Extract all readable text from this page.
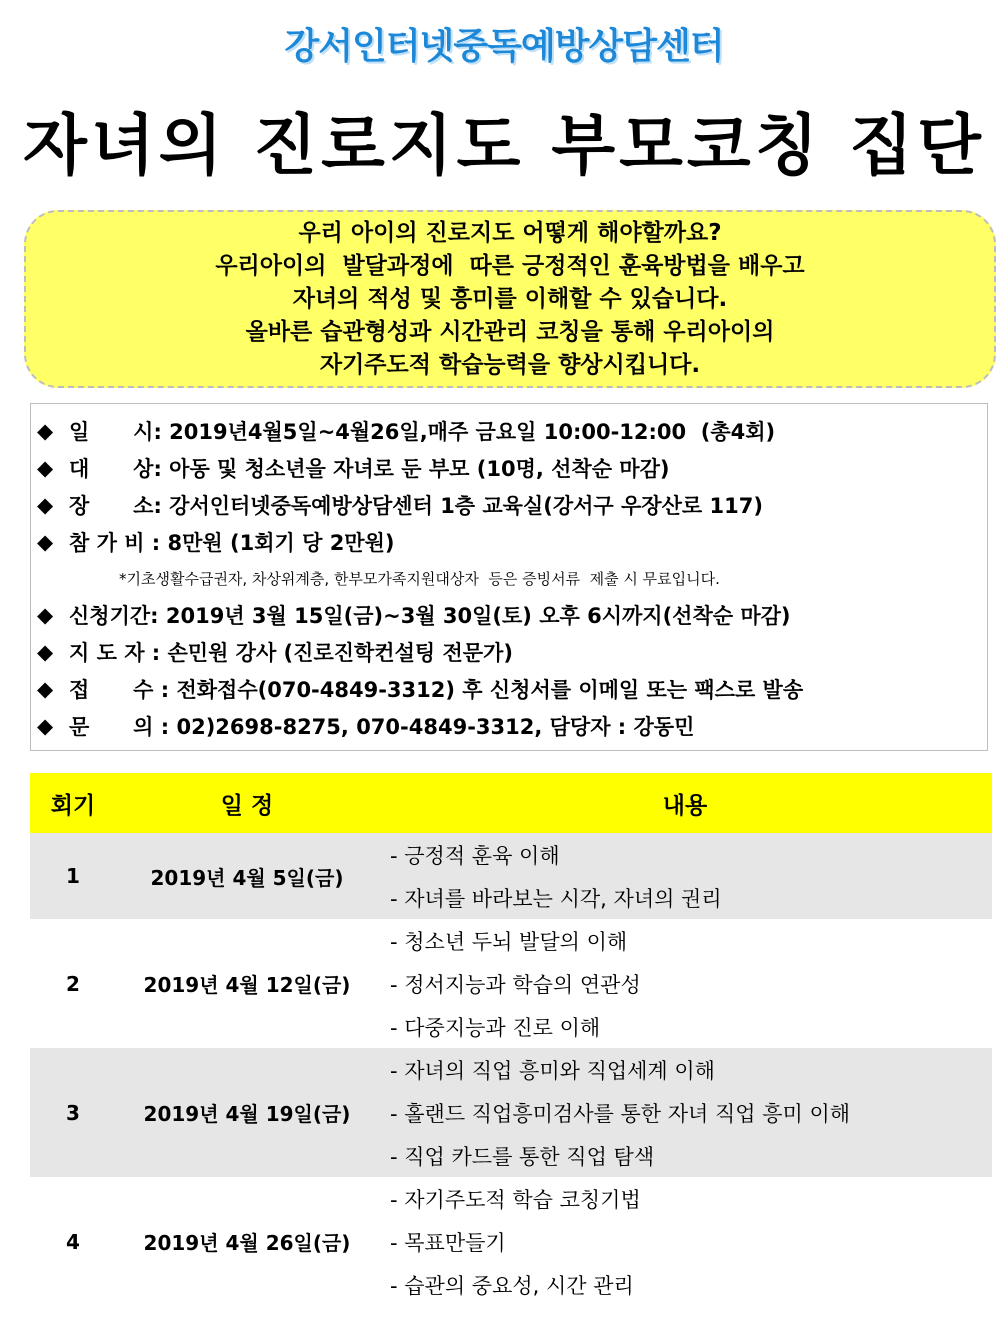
강서인터넷중독예방상담센터
자녀의 진로지도 부모코칭 집단
우리 아이의 진로지도 어떻게 해야할까요?
우리아이의  발달과정에  따른 긍정적인 훈육방법을 배우고
자녀의 적성 및 흥미를 이해할 수 있습니다.
올바른 습관형성과 시간관리 코칭을 통해 우리아이의
자기주도적 학습능력을 향상시킵니다.
◆ 일      시 : 2019년4월5일~4월26일,매주 금요일 10:00-12:00  (총4회)
◆ 대      상 : 아동 및 청소년을 자녀로 둔 부모 (10명, 선착순 마감)
◆ 장      소 : 강서인터넷중독예방상담센터 1층 교육실(강서구 우장산로 117)
◆ 참 가 비 : 8만원 (1회기 당 2만원)
*기초생활수급권자, 차상위계층, 한부모가족지원대상자  등은 증빙서류  제출 시 무료입니다.
◆ 신청기간 : 2019년 3월 15일(금)~3월 30일(토) 오후 6시까지(선착순 마감)
◆ 지 도 자 : 손민원 강사 (진로진학컨설팅 전문가)
◆ 접      수 : 전화접수(070-4849-3312) 후 신청서를 이메일 또는 팩스로 발송
◆ 문      의 : 02)2698-8275, 070-4849-3312, 담당자 : 강동민
회기	일 정	내용
1	2019년 4월 5일(금)	- 긍정적 훈육 이해
- 자녀를 바라보는 시각, 자녀의 권리

2	2019년 4월 12일(금)	- 청소년 두뇌 발달의 이해
- 정서지능과 학습의 연관성
- 다중지능과 진로 이해

3	2019년 4월 19일(금)	- 자녀의 직업 흥미와 직업세계 이해
- 홀랜드 직업흥미검사를 통한 자녀 직업 흥미 이해
- 직업 카드를 통한 직업 탐색

4	2019년 4월 26일(금)	- 자기주도적 학습 코칭기법
- 목표만들기
- 습관의 중요성, 시간 관리
